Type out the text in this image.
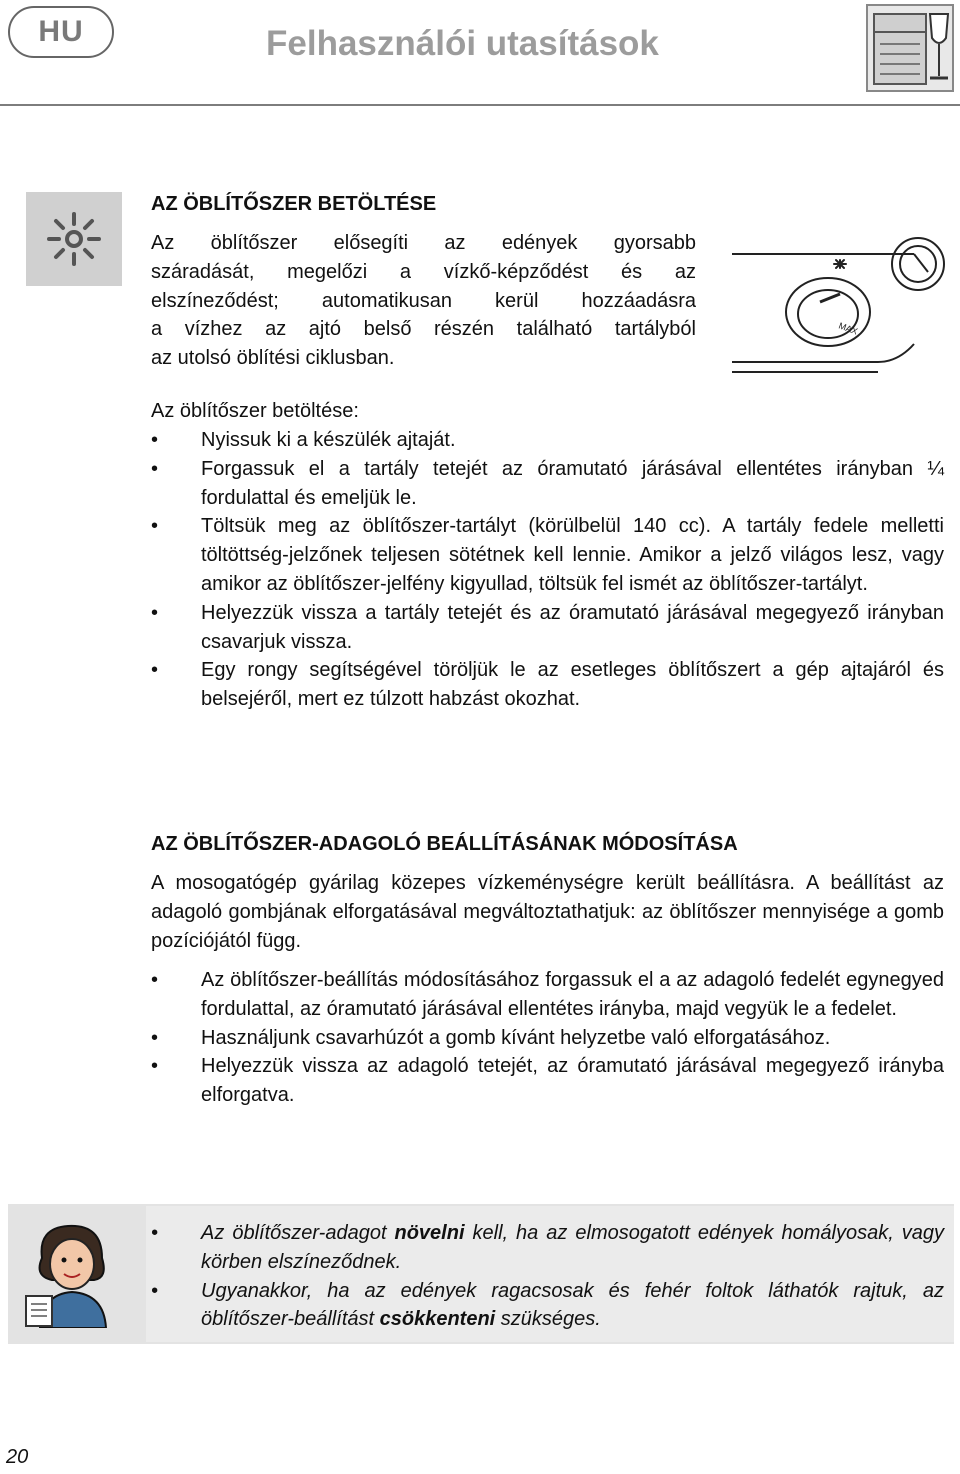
HU	Felhasználói utasítások
AZ ÖBLÍTŐSZER BETÖLTÉSE
Az öblítőszer elősegíti az edények gyorsabb
száradását, megelőzi a vízkő-képződést és az
elszíneződést; automatikusan kerül hozzáadásra
a vízhez az ajtó belső részén található tartályból
az utolsó öblítési ciklusban.
MAX
Az öblítőszer betöltése:
•	Nyissuk ki a készülék ajtaját.
•	Forgassuk el a tartály tetejét az óramutató járásával ellentétes irányban ¼ fordulattal és emeljük le.
•	Töltsük meg az öblítőszer-tartályt (körülbelül 140 cc). A tartály fedele melletti töltöttség-jelzőnek teljesen sötétnek kell lennie. Amikor a jelző világos lesz, vagy amikor az öblítőszer-jelfény kigyullad, töltsük fel ismét az öblítőszer-tartályt.
•	Helyezzük vissza a tartály tetejét és az óramutató járásával megegyező irányban csavarjuk vissza.
•	Egy rongy segítségével töröljük le az esetleges öblítőszert a gép ajtajáról és belsejéről, mert ez túlzott habzást okozhat.
AZ ÖBLÍTŐSZER-ADAGOLÓ BEÁLLÍTÁSÁNAK MÓDOSÍTÁSA
A mosogatógép gyárilag közepes vízkeménységre került beállításra. A beállítást az adagoló gombjának elforgatásával megváltoztathatjuk: az öblítőszer mennyisége a gomb pozíciójától függ.
•	Az öblítőszer-beállítás módosításához forgassuk el a az adagoló fedelét egynegyed fordulattal, az óramutató járásával ellentétes irányba, majd vegyük le a fedelet.
•	Használjunk csavarhúzót a gomb kívánt helyzetbe való elforgatásához.
•	Helyezzük vissza az adagoló tetejét, az óramutató járásával megegyező irányba elforgatva.
•	Az öblítőszer-adagot növelni kell, ha az elmosogatott edények homályosak, vagy körben elszíneződnek.
•	Ugyanakkor, ha az edények ragacsosak és fehér foltok láthatók rajtuk, az öblítőszer-beállítást csökkenteni szükséges.
20
